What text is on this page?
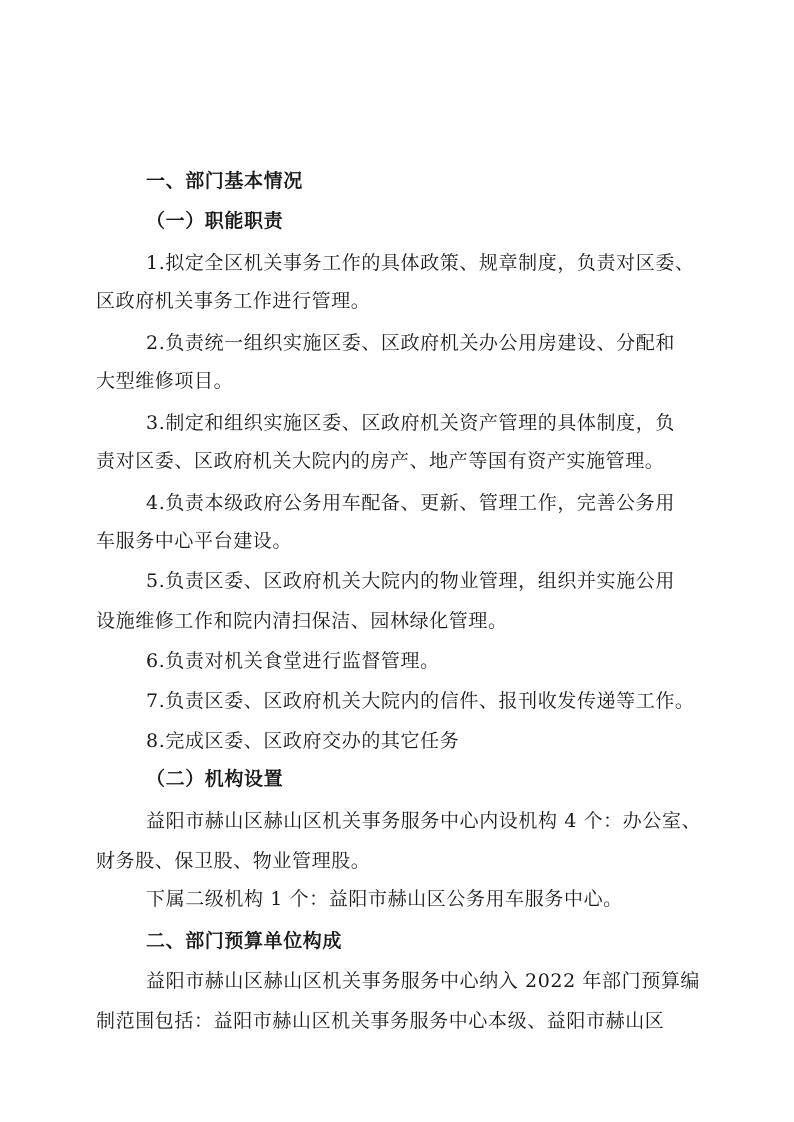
一、部门基本情况
（一）职能职责
1.拟定全区机关事务工作的具体政策、规章制度，负责对区委、
区政府机关事务工作进行管理。
2.负责统一组织实施区委、区政府机关办公用房建设、分配和
大型维修项目。
3.制定和组织实施区委、区政府机关资产管理的具体制度，负
责对区委、区政府机关大院内的房产、地产等国有资产实施管理。
4.负责本级政府公务用车配备、更新、管理工作，完善公务用
车服务中心平台建设。
5.负责区委、区政府机关大院内的物业管理，组织并实施公用
设施维修工作和院内清扫保洁、园林绿化管理。
6.负责对机关食堂进行监督管理。
7.负责区委、区政府机关大院内的信件、报刊收发传递等工作。
8.完成区委、区政府交办的其它任务
（二）机构设置
益阳市赫山区赫山区机关事务服务中心内设机构 4 个：办公室、
财务股、保卫股、物业管理股。
下属二级机构 1 个：益阳市赫山区公务用车服务中心。
二、部门预算单位构成
益阳市赫山区赫山区机关事务服务中心纳入 2022 年部门预算编
制范围包括：益阳市赫山区机关事务服务中心本级、益阳市赫山区
